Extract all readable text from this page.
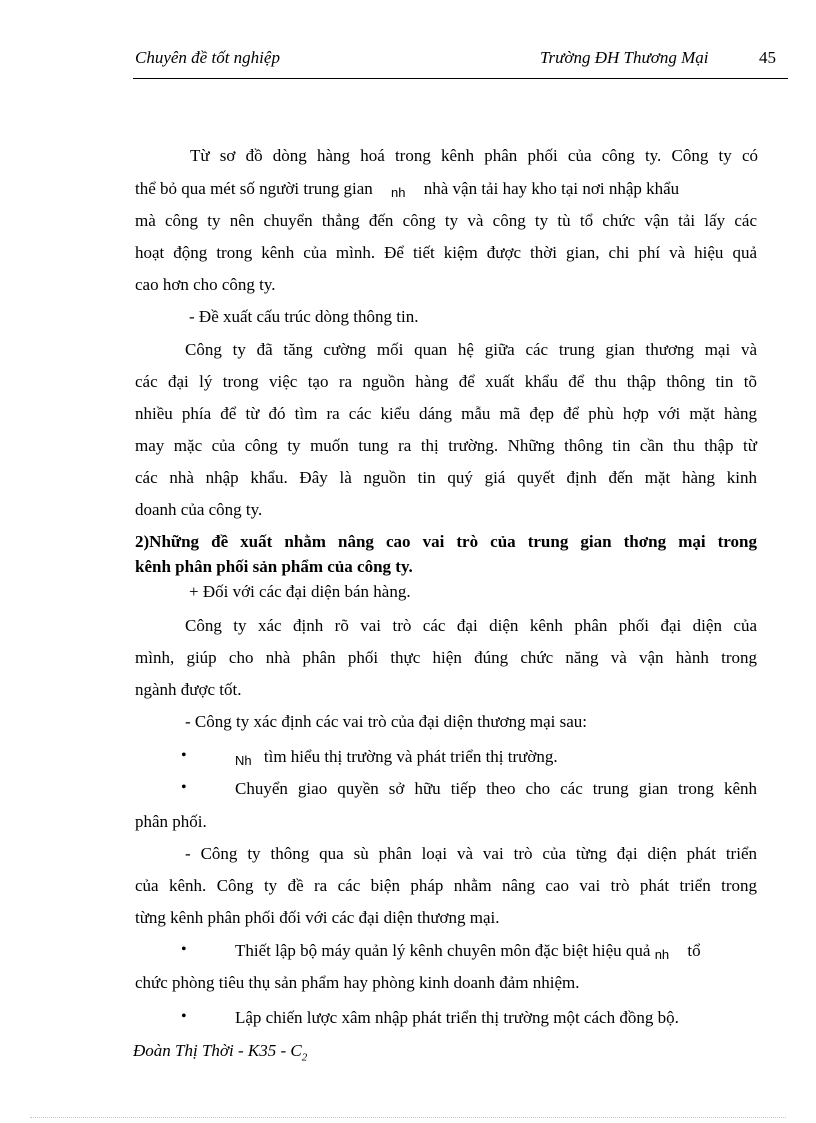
Chuyên đề tốt nghiệp	Trường ĐH Thương Mại	45
Từ sơ đồ dòng hàng hoá trong kênh phân phối của công ty. Công ty có
thể bỏ qua mét số người trung gian $_{nh}$ nhà vận tải hay kho tại nơi nhập khẩu
mà công ty nên chuyển thẳng đến công ty và công ty tù tổ chức vận tải lấy các
hoạt động trong kênh của mình. Để tiết kiệm được thời gian, chi phí và hiệu quả
cao hơn cho công ty.
- Đề xuất cấu trúc dòng thông tin.
Công ty đã tăng cường mối quan hệ giữa các trung gian thương mại và
các đại lý trong việc tạo ra nguồn hàng để xuất khẩu để thu thập thông tin tõ
nhiều phía để từ đó tìm ra các kiểu dáng mẫu mã đẹp để phù hợp với mặt hàng
may mặc của công ty muốn tung ra thị trường. Những thông tin cần thu thập từ
các nhà nhập khẩu. Đây là nguồn tin quý giá quyết định đến mặt hàng kinh
doanh của công ty.
2)Những đề xuất nhằm nâng cao vai trò của trung gian thơng mại trong
kênh phân phối sản phẩm của công ty.
+ Đối với các đại diện bán hàng.
Công ty xác định rõ vai trò các đại diện kênh phân phối đại diện của
mình, giúp cho nhà phân phối thực hiện đúng chức năng và vận hành trong
ngành được tốt.
- Công ty xác định các vai trò của đại diện thương mại sau:
•	$_{Nh}$ tìm hiểu thị trường và phát triển thị trường.
•	Chuyển giao quyền sở hữu tiếp theo cho các trung gian trong kênh
phân phối.
- Công ty thông qua sù phân loại và vai trò của từng đại diện phát triển
của kênh. Công ty đề ra các biện pháp nhằm nâng cao vai trò phát triển trong
từng kênh phân phối đối với các đại diện thương mại.
•	Thiết lập bộ máy quản lý kênh chuyên môn đặc biệt hiệu quả $_{nh}$ tổ
chức phòng tiêu thụ sản phẩm hay phòng kinh doanh đảm nhiệm.
•	Lập chiến lược xâm nhập phát triển thị trường một cách đồng bộ.
Đoàn Thị Thời - $K35 - C_2$
